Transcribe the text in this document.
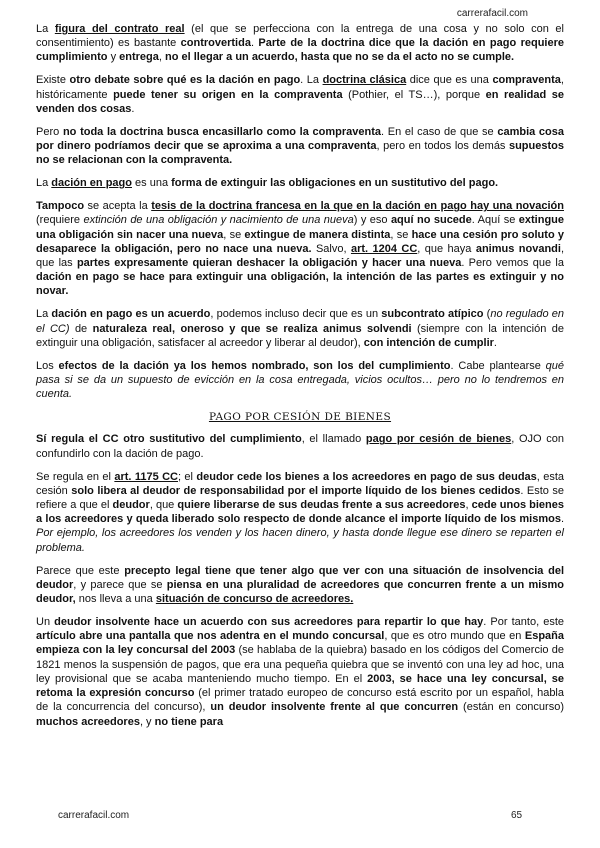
carrerafacil.com

La figura del contrato real (el que se perfecciona con la entrega de una cosa y no solo con el consentimiento) es bastante controvertida. Parte de la doctrina dice que la dación en pago requiere cumplimiento y entrega, no el llegar a un acuerdo, hasta que no se da el acto no se cumple.

Existe otro debate sobre qué es la dación en pago. La doctrina clásica dice que es una compraventa, históricamente puede tener su origen en la compraventa (Pothier, el TS…), porque en realidad se venden dos cosas.

Pero no toda la doctrina busca encasillarlo como la compraventa. En el caso de que se cambia cosa por dinero podríamos decir que se aproxima a una compraventa, pero en todos los demás supuestos no se relacionan con la compraventa.

La dación en pago es una forma de extinguir las obligaciones en un sustitutivo del pago.

Tampoco se acepta la tesis de la doctrina francesa en la que en la dación en pago hay una novación (requiere extinción de una obligación y nacimiento de una nueva) y eso aquí no sucede. Aquí se extingue una obligación sin nacer una nueva, se extingue de manera distinta, se hace una cesión pro soluto y desaparece la obligación, pero no nace una nueva. Salvo, art. 1204 CC, que haya animus novandi, que las partes expresamente quieran deshacer la obligación y hacer una nueva. Pero vemos que la dación en pago se hace para extinguir una obligación, la intención de las partes es extinguir y no novar.

La dación en pago es un acuerdo, podemos incluso decir que es un subcontrato atípico (no regulado en el CC) de naturaleza real, oneroso y que se realiza animus solvendi (siempre con la intención de extinguir una obligación, satisfacer al acreedor y liberar al deudor), con intención de cumplir.

Los efectos de la dación ya los hemos nombrado, son los del cumplimiento. Cabe plantearse qué pasa si se da un supuesto de evicción en la cosa entregada, vicios ocultos… pero no lo tendremos en cuenta.

PAGO POR CESIÓN DE BIENES

Sí regula el CC otro sustitutivo del cumplimiento, el llamado pago por cesión de bienes, OJO con confundirlo con la dación de pago.

Se regula en el art. 1175 CC; el deudor cede los bienes a los acreedores en pago de sus deudas, esta cesión solo libera al deudor de responsabilidad por el importe líquido de los bienes cedidos. Esto se refiere a que el deudor, que quiere liberarse de sus deudas frente a sus acreedores, cede unos bienes a los acreedores y queda liberado solo respecto de donde alcance el importe líquido de los mismos. Por ejemplo, los acreedores los venden y los hacen dinero, y hasta donde llegue ese dinero se reparten el problema.

Parece que este precepto legal tiene que tener algo que ver con una situación de insolvencia del deudor, y parece que se piensa en una pluralidad de acreedores que concurren frente a un mismo deudor, nos lleva a una situación de concurso de acreedores.

Un deudor insolvente hace un acuerdo con sus acreedores para repartir lo que hay. Por tanto, este artículo abre una pantalla que nos adentra en el mundo concursal, que es otro mundo que en España empieza con la ley concursal del 2003 (se hablaba de la quiebra) basado en los códigos del Comercio de 1821 menos la suspensión de pagos, que era una pequeña quiebra que se inventó con una ley ad hoc, una ley provisional que se acaba manteniendo mucho tiempo. En el 2003, se hace una ley concursal, se retoma la expresión concurso (el primer tratado europeo de concurso está escrito por un español, habla de la concurrencia del concurso), un deudor insolvente frente al que concurren (están en concurso) muchos acreedores, y no tiene para

carrerafacil.com	65
